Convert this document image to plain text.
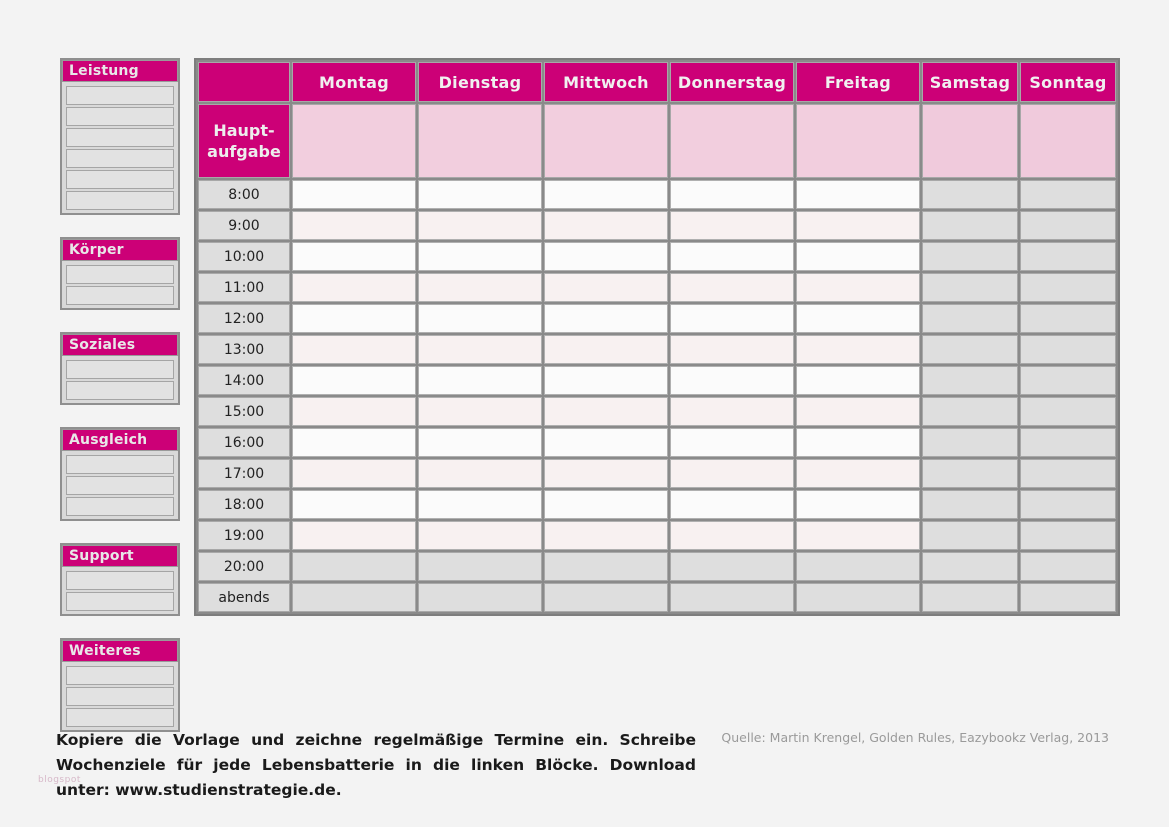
Leistung
Körper
Soziales
Ausgleich
Support
Weiteres
	Montag	Dienstag	Mittwoch	Donnerstag	Freitag	Samstag	Sonntag
Haupt-
aufgabe							
8:00							
9:00							
10:00							
11:00							
12:00							
13:00							
14:00							
15:00							
16:00							
17:00							
18:00							
19:00							
20:00							
abends							
Kopiere die Vorlage und zeichne regelmäßige Termine ein. Schreibe Wochenziele für jede Lebensbatterie in die linken Blöcke. Download unter: www.studienstrategie.de.
Quelle: Martin Krengel, Golden Rules, Eazybookz Verlag, 2013
blogspot
